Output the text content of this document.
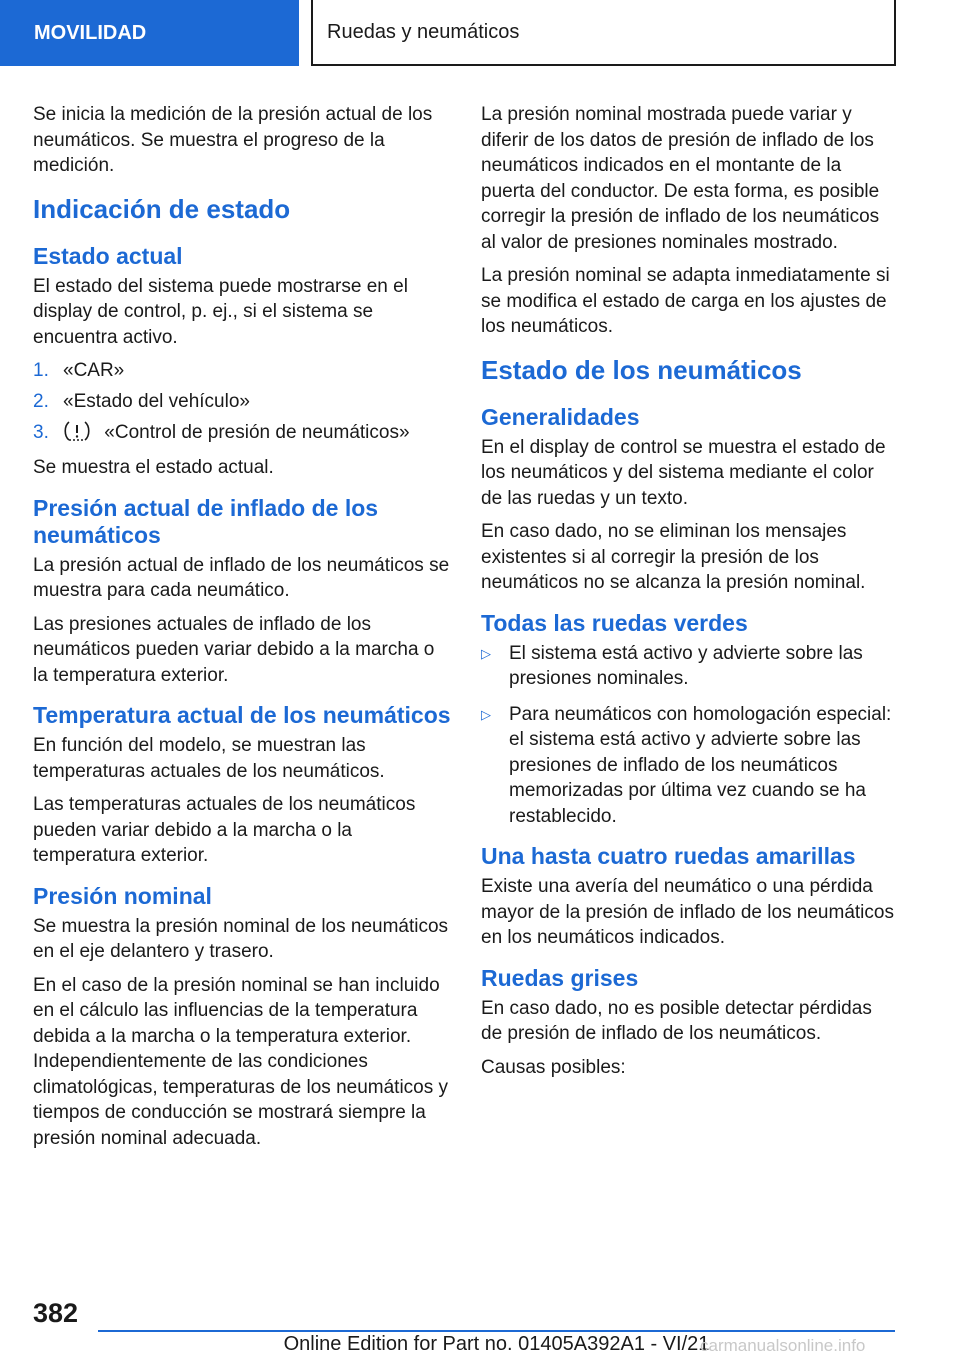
MOVILIDAD	Ruedas y neumáticos

Se inicia la medición de la presión actual de los neumáticos. Se muestra el progreso de la medición.

Indicación de estado
Estado actual

El estado del sistema puede mostrarse en el display de control, p. ej., si el sistema se encuentra activo.

1. «CAR»
2. «Estado del vehículo»
3.	«Control de presión de neumáticos»

Se muestra el estado actual.

Presión actual de inflado de los neumáticos

La presión actual de inflado de los neumáticos se muestra para cada neumático.

Las presiones actuales de inflado de los neumáticos pueden variar debido a la marcha o la temperatura exterior.

Temperatura actual de los neumáticos

En función del modelo, se muestran las temperaturas actuales de los neumáticos.

Las temperaturas actuales de los neumáticos pueden variar debido a la marcha o la temperatura exterior.

Presión nominal

Se muestra la presión nominal de los neumáticos en el eje delantero y trasero.

En el caso de la presión nominal se han incluido en el cálculo las influencias de la temperatura debida a la marcha o la temperatura exterior. Independientemente de las condiciones climatológicas, temperaturas de los neumáticos y tiempos de conducción se mostrará siempre la presión nominal adecuada.

La presión nominal mostrada puede variar y diferir de los datos de presión de inflado de los neumáticos indicados en el montante de la puerta del conductor. De esta forma, es posible corregir la presión de inflado de los neumáticos al valor de presiones nominales mostrado.

La presión nominal se adapta inmediatamente si se modifica el estado de carga en los ajustes de los neumáticos.

Estado de los neumáticos
Generalidades

En el display de control se muestra el estado de los neumáticos y del sistema mediante el color de las ruedas y un texto.

En caso dado, no se eliminan los mensajes existentes si al corregir la presión de los neumáticos no se alcanza la presión nominal.

Todas las ruedas verdes
▷ El sistema está activo y advierte sobre las presiones nominales.
▷ Para neumáticos con homologación especial: el sistema está activo y advierte sobre las presiones de inflado de los neumáticos memorizadas por última vez cuando se ha restablecido.
Una hasta cuatro ruedas amarillas

Existe una avería del neumático o una pérdida mayor de la presión de inflado de los neumáticos en los neumáticos indicados.

Ruedas grises

En caso dado, no es posible detectar pérdidas de presión de inflado de los neumáticos.

Causas posibles:

382
Online Edition for Part no. 01405A392A1 - VI/21
carmanualsonline.info
